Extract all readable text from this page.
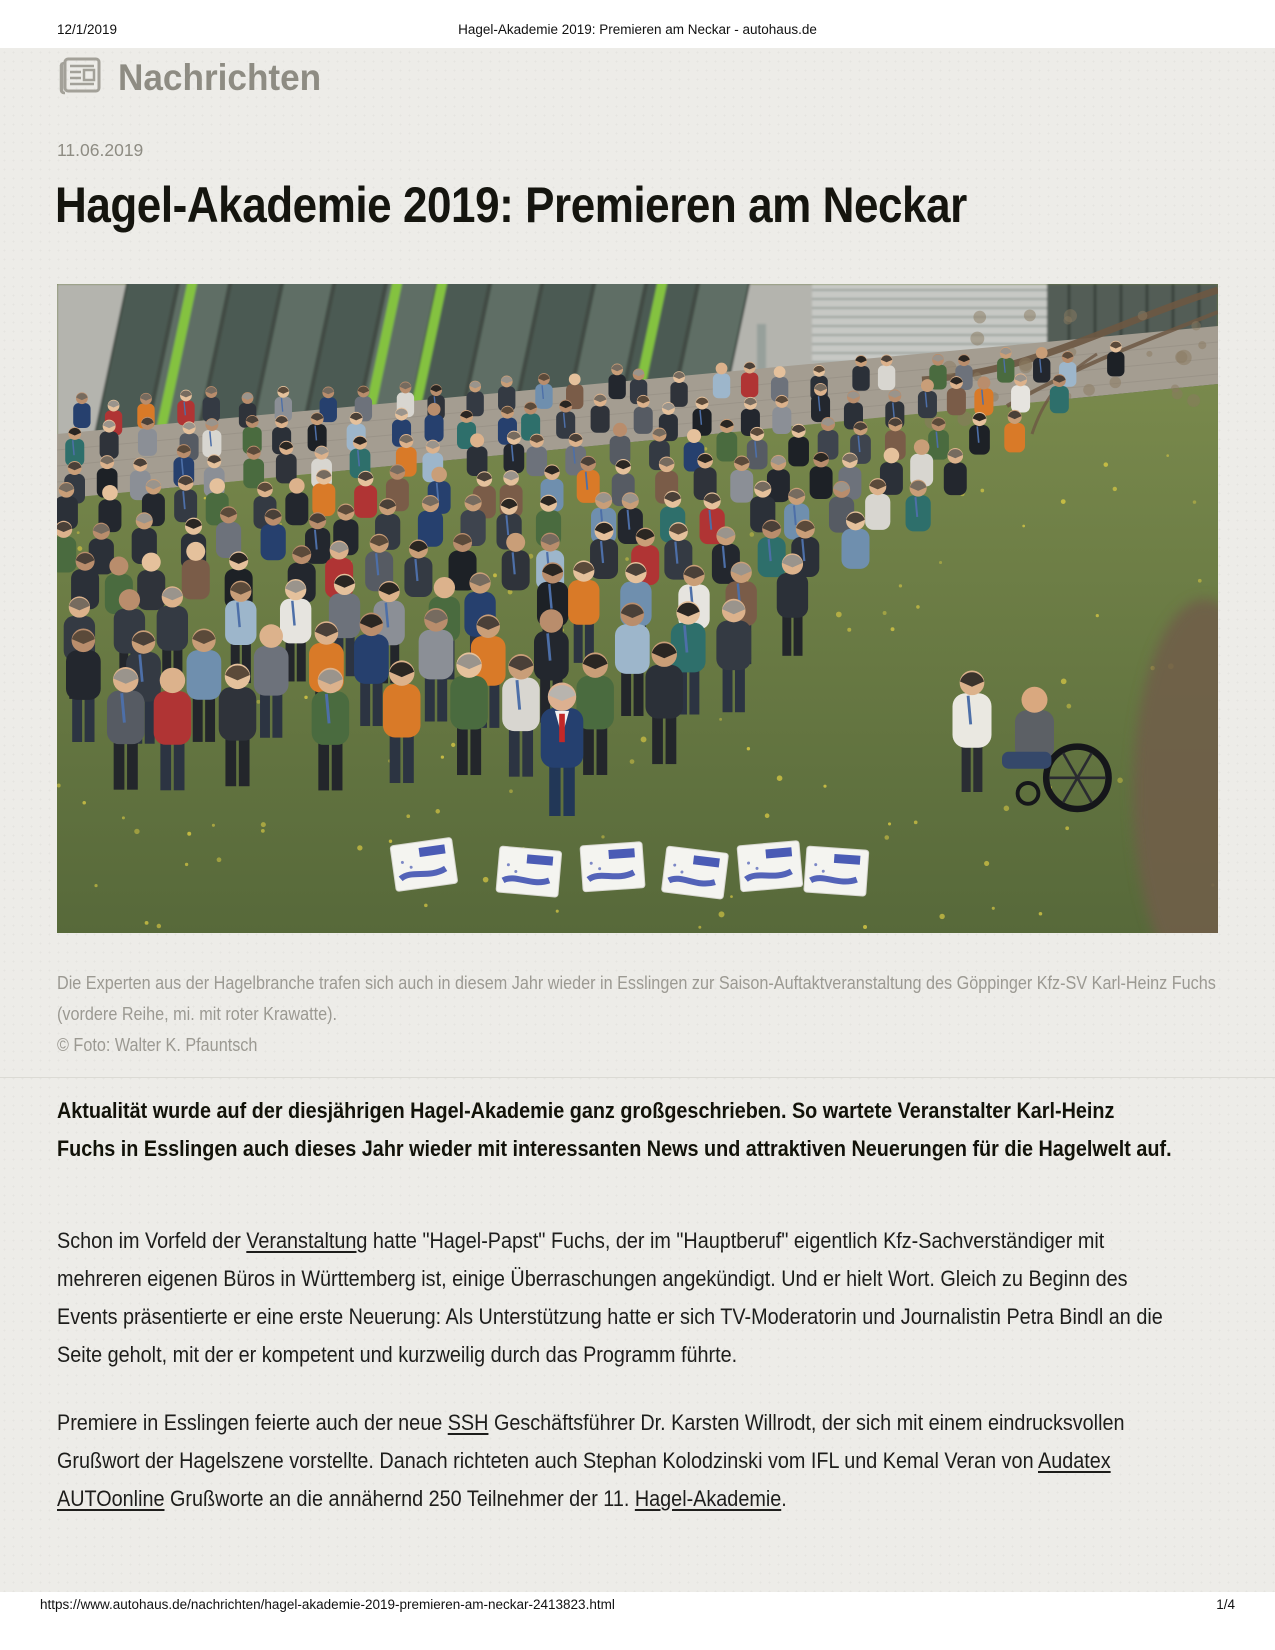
12/1/2019	Hagel-Akademie 2019: Premieren am Neckar - autohaus.de
Nachrichten
11.06.2019
Hagel-Akademie 2019: Premieren am Neckar
Die Experten aus der Hagelbranche trafen sich auch in diesem Jahr wieder in Esslingen zur Saison-Auftaktveranstaltung des Göppinger Kfz-SV Karl-Heinz Fuchs (vordere Reihe, mi. mit roter Krawatte).
© Foto: Walter K. Pfauntsch

Aktualität wurde auf der diesjährigen Hagel-Akademie ganz großgeschrieben. So wartete Veranstalter Karl-Heinz Fuchs in Esslingen auch dieses Jahr wieder mit interessanten News und attraktiven Neuerungen für die Hagelwelt auf.

Schon im Vorfeld der Veranstaltung hatte "Hagel-Papst" Fuchs, der im "Hauptberuf" eigentlich Kfz-Sachverständiger mit mehreren eigenen Büros in Württemberg ist, einige Überraschungen angekündigt. Und er hielt Wort. Gleich zu Beginn des Events präsentierte er eine erste Neuerung: Als Unterstützung hatte er sich TV-Moderatorin und Journalistin Petra Bindl an die Seite geholt, mit der er kompetent und kurzweilig durch das Programm führte.

Premiere in Esslingen feierte auch der neue SSH Geschäftsführer Dr. Karsten Willrodt, der sich mit einem eindrucksvollen Grußwort der Hagelszene vorstellte. Danach richteten auch Stephan Kolodzinski vom IFL und Kemal Veran von Audatex AUTOonline Grußworte an die annähernd 250 Teilnehmer der 11. Hagel-Akademie.

https://www.autohaus.de/nachrichten/hagel-akademie-2019-premieren-am-neckar-2413823.html	1/4
